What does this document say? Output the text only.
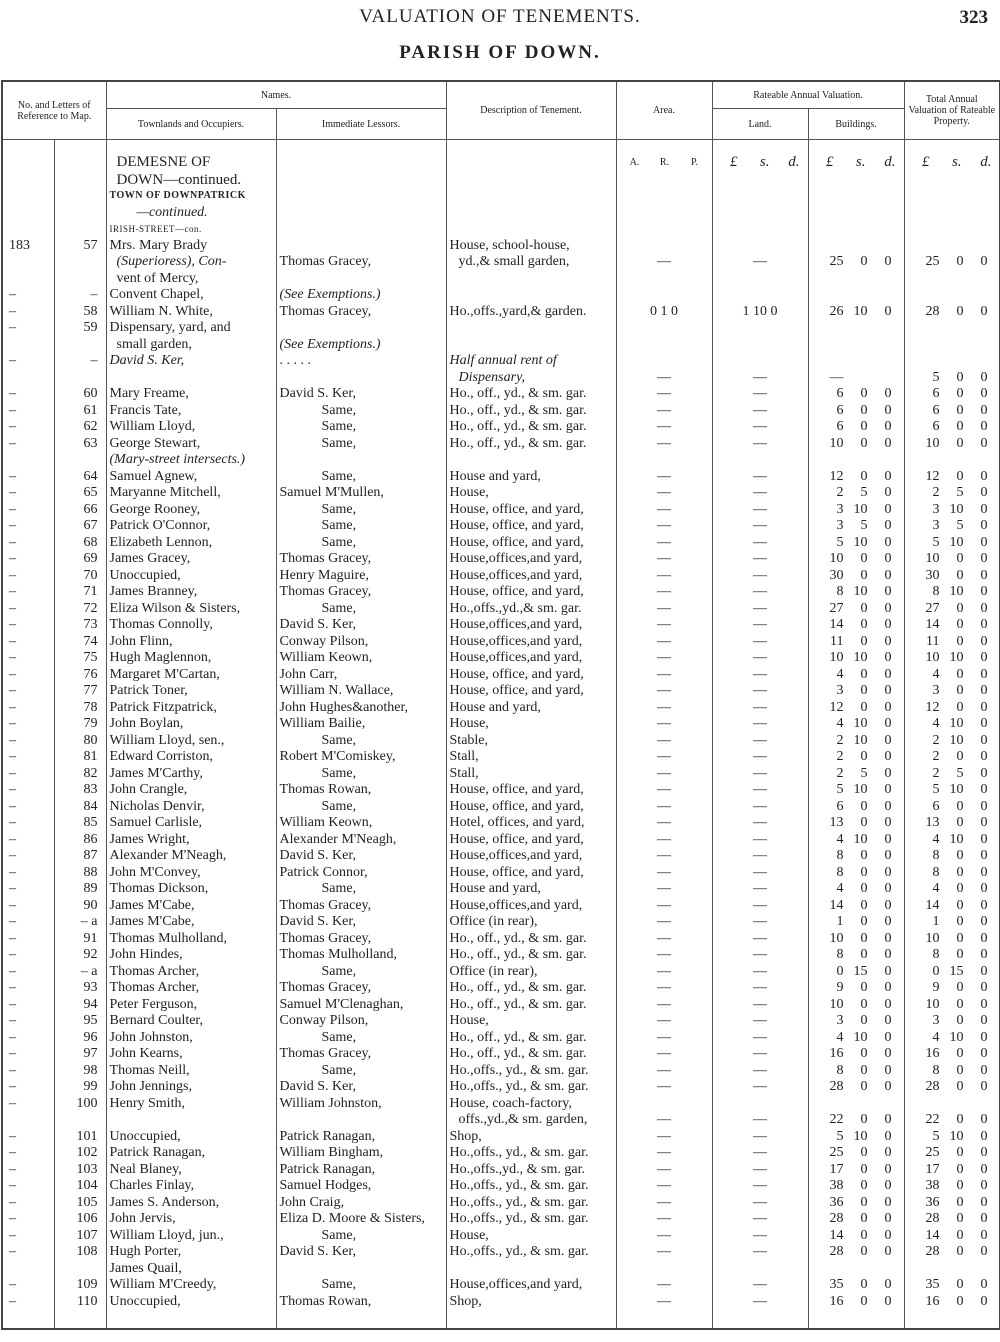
VALUATION OF TENEMENTS.	323
PARISH OF DOWN.
No. and Letters of Reference to Map.		Names.		Description of Tenement.	Area.	Rateable Annual Valuation.		Total Annual Valuation of Rateable Property.
		Townlands and Occupiers.	Immediate Lessors.			Land.	Buildings.	
		DEMESNE OF			A. R. P.	£ s. d.	£ s. d.	£ s. d.
		DOWN—continued.						
		TOWN OF DOWNPATRICK						
		—continued.						
		IRISH-STREET—con.						
183	57	Mrs. Mary Brady		House, school-house,				
		(Superioress), Con-	Thomas Gracey,	yd.,& small garden,	—	—	25 0 0	25 0 0
		vent of Mercy,						
–	–	Convent Chapel,	(See Exemptions.)					
–	58	William N. White,	Thomas Gracey,	Ho.,offs.,yard,& garden.	0 1 0	1 10 0	26 10 0	28 0 0
–	59	Dispensary, yard, and						
		small garden,	(See Exemptions.)					
–	–	David S. Ker,	. . . . .	Half annual rent of				
				Dispensary,	—	—	—	5 0 0
–	60	Mary Freame,	David S. Ker,	Ho., off., yd., & sm. gar.	—	—	6 0 0	6 0 0
–	61	Francis Tate,	Same,	Ho., off., yd., & sm. gar.	—	—	6 0 0	6 0 0
–	62	William Lloyd,	Same,	Ho., off., yd., & sm. gar.	—	—	6 0 0	6 0 0
–	63	George Stewart,	Same,	Ho., off., yd., & sm. gar.	—	—	10 0 0	10 0 0
		(Mary-street intersects.)						
–	64	Samuel Agnew,	Same,	House and yard,	—	—	12 0 0	12 0 0
–	65	Maryanne Mitchell,	Samuel M'Mullen,	House,	—	—	2 5 0	2 5 0
–	66	George Rooney,	Same,	House, office, and yard,	—	—	3 10 0	3 10 0
–	67	Patrick O'Connor,	Same,	House, office, and yard,	—	—	3 5 0	3 5 0
–	68	Elizabeth Lennon,	Same,	House, office, and yard,	—	—	5 10 0	5 10 0
–	69	James Gracey,	Thomas Gracey,	House,offices,and yard,	—	—	10 0 0	10 0 0
–	70	Unoccupied,	Henry Maguire,	House,offices,and yard,	—	—	30 0 0	30 0 0
–	71	James Branney,	Thomas Gracey,	House, office, and yard,	—	—	8 10 0	8 10 0
–	72	Eliza Wilson & Sisters,	Same,	Ho.,offs.,yd.,& sm. gar.	—	—	27 0 0	27 0 0
–	73	Thomas Connolly,	David S. Ker,	House,offices,and yard,	—	—	14 0 0	14 0 0
–	74	John Flinn,	Conway Pilson,	House,offices,and yard,	—	—	11 0 0	11 0 0
–	75	Hugh Maglennon,	William Keown,	House,offices,and yard,	—	—	10 10 0	10 10 0
–	76	Margaret M'Cartan,	John Carr,	House, office, and yard,	—	—	4 0 0	4 0 0
–	77	Patrick Toner,	William N. Wallace,	House, office, and yard,	—	—	3 0 0	3 0 0
–	78	Patrick Fitzpatrick,	John Hughes&another,	House and yard,	—	—	12 0 0	12 0 0
–	79	John Boylan,	William Bailie,	House,	—	—	4 10 0	4 10 0
–	80	William Lloyd, sen.,	Same,	Stable,	—	—	2 10 0	2 10 0
–	81	Edward Corriston,	Robert M'Comiskey,	Stall,	—	—	2 0 0	2 0 0
–	82	James M'Carthy,	Same,	Stall,	—	—	2 5 0	2 5 0
–	83	John Crangle,	Thomas Rowan,	House, office, and yard,	—	—	5 10 0	5 10 0
–	84	Nicholas Denvir,	Same,	House, office, and yard,	—	—	6 0 0	6 0 0
–	85	Samuel Carlisle,	William Keown,	Hotel, offices, and yard,	—	—	13 0 0	13 0 0
–	86	James Wright,	Alexander M'Neagh,	House, office, and yard,	—	—	4 10 0	4 10 0
–	87	Alexander M'Neagh,	David S. Ker,	House,offices,and yard,	—	—	8 0 0	8 0 0
–	88	John M'Convey,	Patrick Connor,	House, office, and yard,	—	—	8 0 0	8 0 0
–	89	Thomas Dickson,	Same,	House and yard,	—	—	4 0 0	4 0 0
–	90	James M'Cabe,	Thomas Gracey,	House,offices,and yard,	—	—	14 0 0	14 0 0
–	– a	James M'Cabe,	David S. Ker,	Office (in rear),	—	—	1 0 0	1 0 0
–	91	Thomas Mulholland,	Thomas Gracey,	Ho., off., yd., & sm. gar.	—	—	10 0 0	10 0 0
–	92	John Hindes,	Thomas Mulholland,	Ho., off., yd., & sm. gar.	—	—	8 0 0	8 0 0
–	– a	Thomas Archer,	Same,	Office (in rear),	—	—	0 15 0	0 15 0
–	93	Thomas Archer,	Thomas Gracey,	Ho., off., yd., & sm. gar.	—	—	9 0 0	9 0 0
–	94	Peter Ferguson,	Samuel M'Clenaghan,	Ho., off., yd., & sm. gar.	—	—	10 0 0	10 0 0
–	95	Bernard Coulter,	Conway Pilson,	House,	—	—	3 0 0	3 0 0
–	96	John Johnston,	Same,	Ho., off., yd., & sm. gar.	—	—	4 10 0	4 10 0
–	97	John Kearns,	Thomas Gracey,	Ho., off., yd., & sm. gar.	—	—	16 0 0	16 0 0
–	98	Thomas Neill,	Same,	Ho.,offs., yd., & sm. gar.	—	—	8 0 0	8 0 0
–	99	John Jennings,	David S. Ker,	Ho.,offs., yd., & sm. gar.	—	—	28 0 0	28 0 0
–	100	Henry Smith,	William Johnston,	House, coach-factory,				
				offs.,yd.,& sm. garden,	—	—	22 0 0	22 0 0
–	101	Unoccupied,	Patrick Ranagan,	Shop,	—	—	5 10 0	5 10 0
–	102	Patrick Ranagan,	William Bingham,	Ho.,offs., yd., & sm. gar.	—	—	25 0 0	25 0 0
–	103	Neal Blaney,	Patrick Ranagan,	Ho.,offs.,yd., & sm. gar.	—	—	17 0 0	17 0 0
–	104	Charles Finlay,	Samuel Hodges,	Ho.,offs., yd., & sm. gar.	—	—	38 0 0	38 0 0
–	105	James S. Anderson,	John Craig,	Ho.,offs., yd., & sm. gar.	—	—	36 0 0	36 0 0
–	106	John Jervis,	Eliza D. Moore & Sisters,	Ho.,offs., yd., & sm. gar.	—	—	28 0 0	28 0 0
–	107	William Lloyd, jun.,	Same,	House,	—	—	14 0 0	14 0 0
–	108	Hugh Porter,	David S. Ker,	Ho.,offs., yd., & sm. gar.	—	—	28 0 0	28 0 0
		James Quail,						
–	109	William M'Creedy,	Same,	House,offices,and yard,	—	—	35 0 0	35 0 0
–	110	Unoccupied,	Thomas Rowan,	Shop,	—	—	16 0 0	16 0 0
